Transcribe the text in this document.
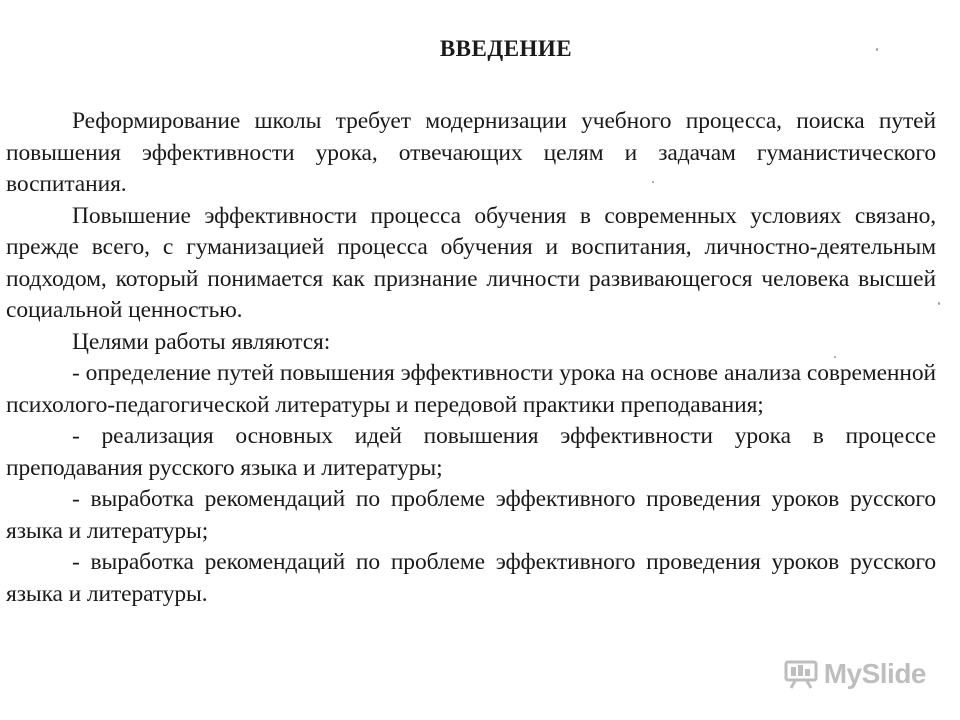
ВВЕДЕНИЕ

Реформирование школы требует модернизации учебного процесса, поиска путей повышения эффективности урока, отвечающих целям и задачам гуманистического воспитания.

Повышение эффективности процесса обучения в современных условиях связано, прежде всего, с гуманизацией процесса обучения и воспитания, личностно-деятельным подходом, который понимается как признание личности развивающегося человека высшей социальной ценностью.

Целями работы являются:

- определение путей повышения эффективности урока на основе анализа современной психолого-педагогической литературы и передовой практики преподавания;

- реализация основных идей повышения эффективности урока в процессе преподавания русского языка и литературы;

- выработка рекомендаций по проблеме эффективного проведения уроков русского языка и литературы;

- выработка рекомендаций по проблеме эффективного проведения уроков русского языка и литературы.

MySlide
